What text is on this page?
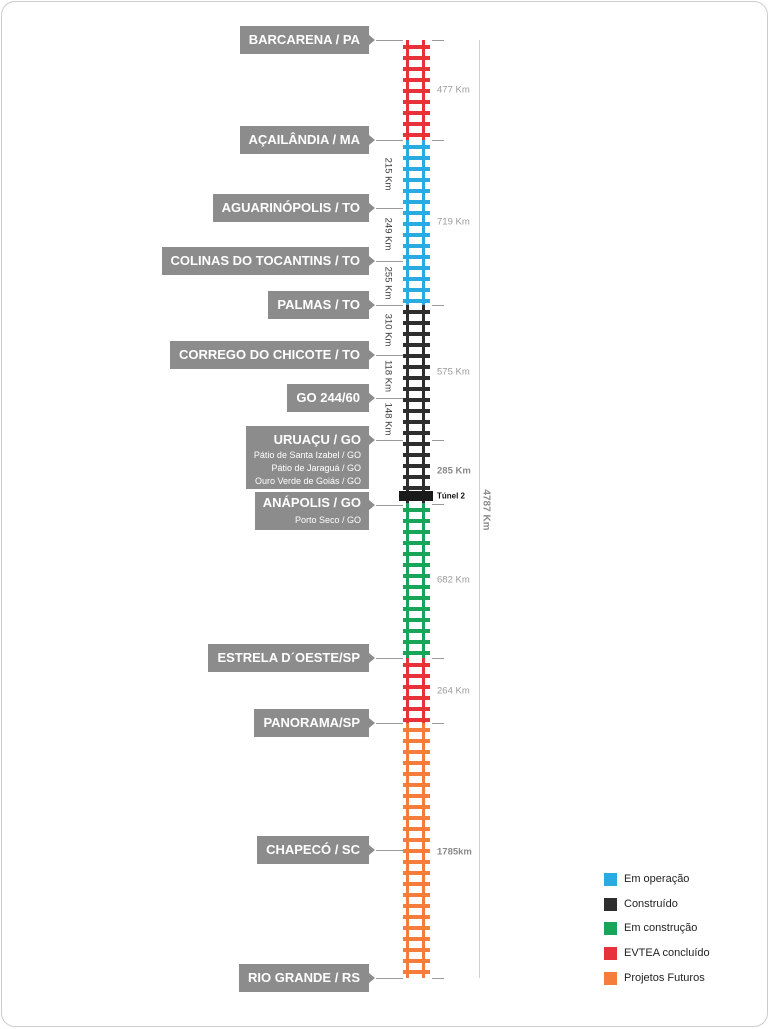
4787 Km
BARCARENA / PA
AÇAILÂNDIA / MA
AGUARINÓPOLIS / TO
COLINAS DO TOCANTINS / TO
PALMAS / TO
CORREGO DO CHICOTE / TO
GO 244/60
URUAÇU / GO
Pátio de Santa Izabel / GO
Pátio de Jaraguá / GO
Ouro Verde de Goiás / GO
ANÁPOLIS / GO
Porto Seco / GO
ESTRELA D´OESTE/SP
PANORAMA/SP
CHAPECÓ / SC
RIO GRANDE / RS
215 Km
249 Km
255 Km
310 Km
118 Km
148 Km
477 Km
719 Km
575 Km
285 Km
682 Km
264 Km
1785km
Túnel 2
Em operação
Construído
Em construção
EVTEA concluído
Projetos Futuros
